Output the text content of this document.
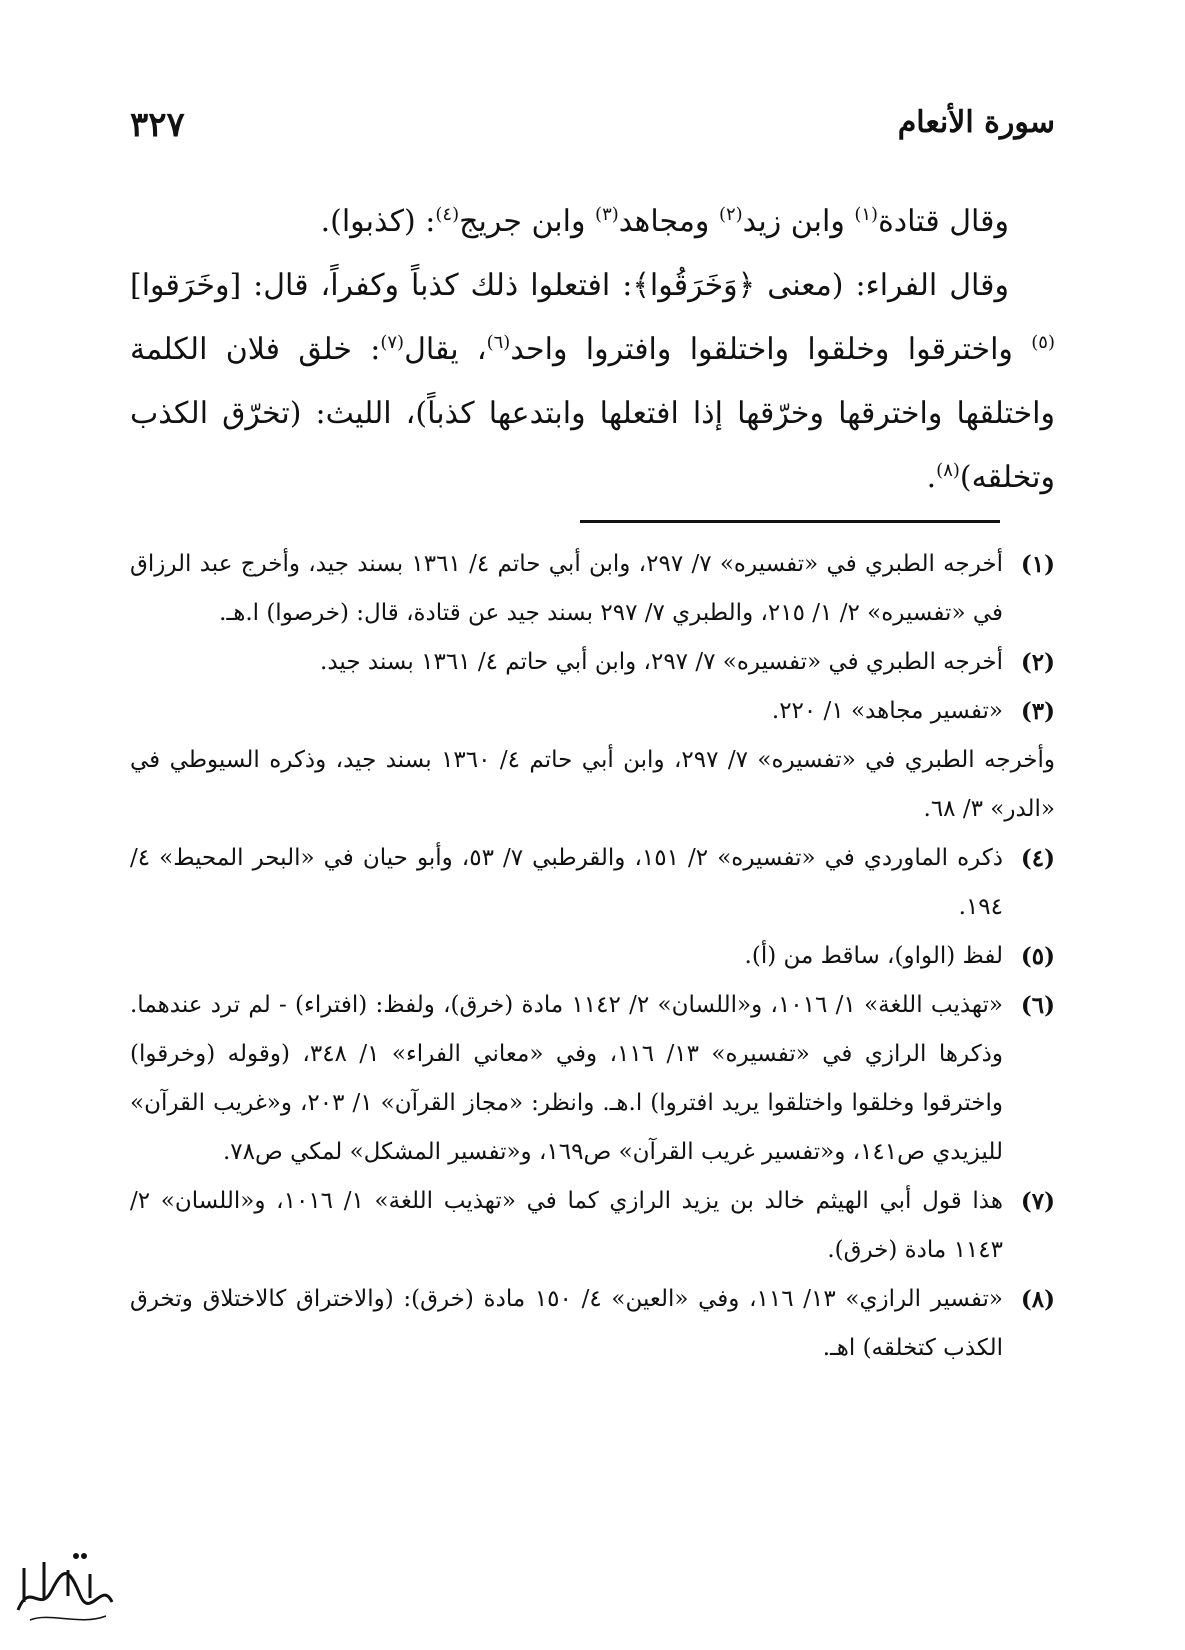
سورة الأنعام
٣٢٧

وقال قتادة$^{(١)}$ وابن زيد$^{(٢)}$ ومجاهد$^{(٣)}$ وابن جريج$^{(٤)}$: (كذبوا).

وقال الفراء: (معنى ﴿وَخَرَقُوا﴾: افتعلوا ذلك كذباً وكفراً، قال: [وخَرَقوا]$^{(٥)}$ واخترقوا وخلقوا واختلقوا وافتروا واحد$^{(٦)}$، يقال$^{(٧)}$: خلق فلان الكلمة واختلقها واخترقها وخرّقها إذا افتعلها وابتدعها كذباً)، الليث: (تخرّق الكذب وتخلقه)$^{(٨)}$.

(١)
أخرجه الطبري في «تفسيره» ٧/ ٢٩٧، وابن أبي حاتم ٤/ ١٣٦١ بسند جيد، وأخرج عبد الرزاق في «تفسيره» ٢/ ١/ ٢١٥، والطبري ٧/ ٢٩٧ بسند جيد عن قتادة، قال: (خرصوا) ا.هـ.

(٢)
أخرجه الطبري في «تفسيره» ٧/ ٢٩٧، وابن أبي حاتم ٤/ ١٣٦١ بسند جيد.

(٣)
«تفسير مجاهد» ١/ ٢٢٠.

وأخرجه الطبري في «تفسيره» ٧/ ٢٩٧، وابن أبي حاتم ٤/ ١٣٦٠ بسند جيد، وذكره السيوطي في «الدر» ٣/ ٦٨.

(٤)
ذكره الماوردي في «تفسيره» ٢/ ١٥١، والقرطبي ٧/ ٥٣، وأبو حيان في «البحر المحيط» ٤/ ١٩٤.

(٥)
لفظ (الواو)، ساقط من (أ).

(٦)
«تهذيب اللغة» ١/ ١٠١٦، و«اللسان» ٢/ ١١٤٢ مادة (خرق)، ولفظ: (افتراء) - لم ترد عندهما. وذكرها الرازي في «تفسيره» ١٣/ ١١٦، وفي «معاني الفراء» ١/ ٣٤٨، (وقوله (وخرقوا) واخترقوا وخلقوا واختلقوا يريد افتروا) ا.هـ. وانظر: «مجاز القرآن» ١/ ٢٠٣، و«غريب القرآن» لليزيدي ص١٤١، و«تفسير غريب القرآن» ص١٦٩، و«تفسير المشكل» لمكي ص٧٨.

(٧)
هذا قول أبي الهيثم خالد بن يزيد الرازي كما في «تهذيب اللغة» ١/ ١٠١٦، و«اللسان» ٢/ ١١٤٣ مادة (خرق).

(٨)
«تفسير الرازي» ١٣/ ١١٦، وفي «العين» ٤/ ١٥٠ مادة (خرق): (والاختراق كالاختلاق وتخرق الكذب كتخلقه) اهـ.
